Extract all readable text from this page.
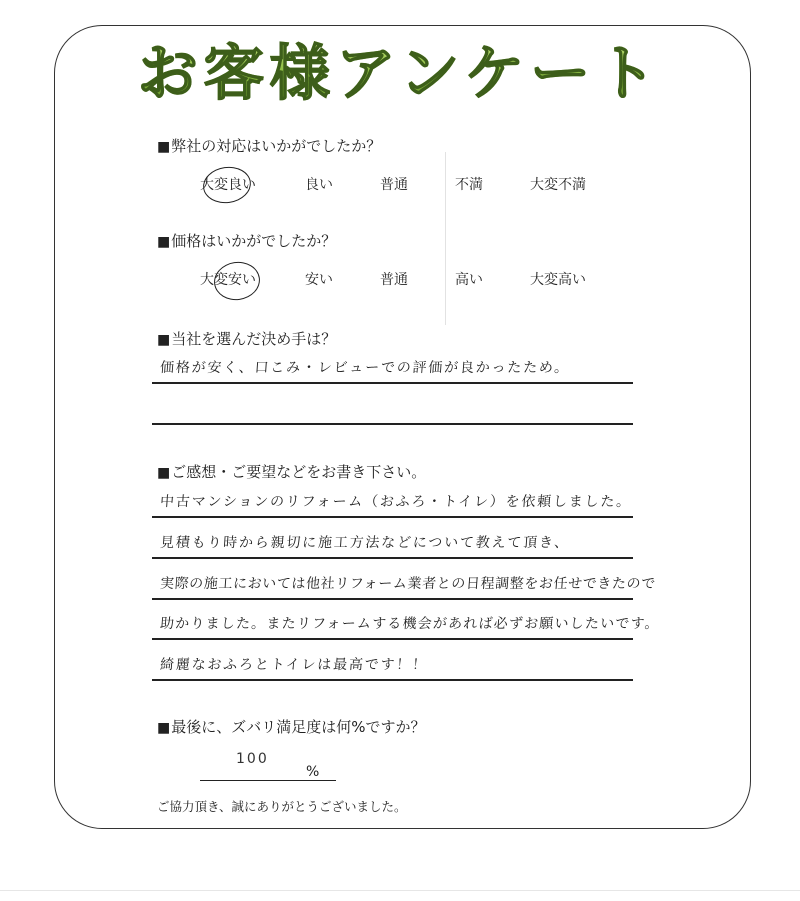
お客様アンケート
■弊社の対応はいかがでしたか？
大変良い	良い	普通	不満	大変不満
■価格はいかがでしたか？
大変安い	安い	普通	高い	大変高い
■当社を選んだ決め手は？
価格が安く、口こみ・レビューでの評価が良かったため。
■ご感想・ご要望などをお書き下さい。
中古マンションのリフォーム（おふろ・トイレ）を依頼しました。
見積もり時から親切に施工方法などについて教えて頂き、
実際の施工においては他社リフォーム業者との日程調整をお任せできたので
助かりました。またリフォームする機会があれば必ずお願いしたいです。
綺麗なおふろとトイレは最高です！！
■最後に、ズバリ満足度は何%ですか？
100
%
ご協力頂き、誠にありがとうございました。
